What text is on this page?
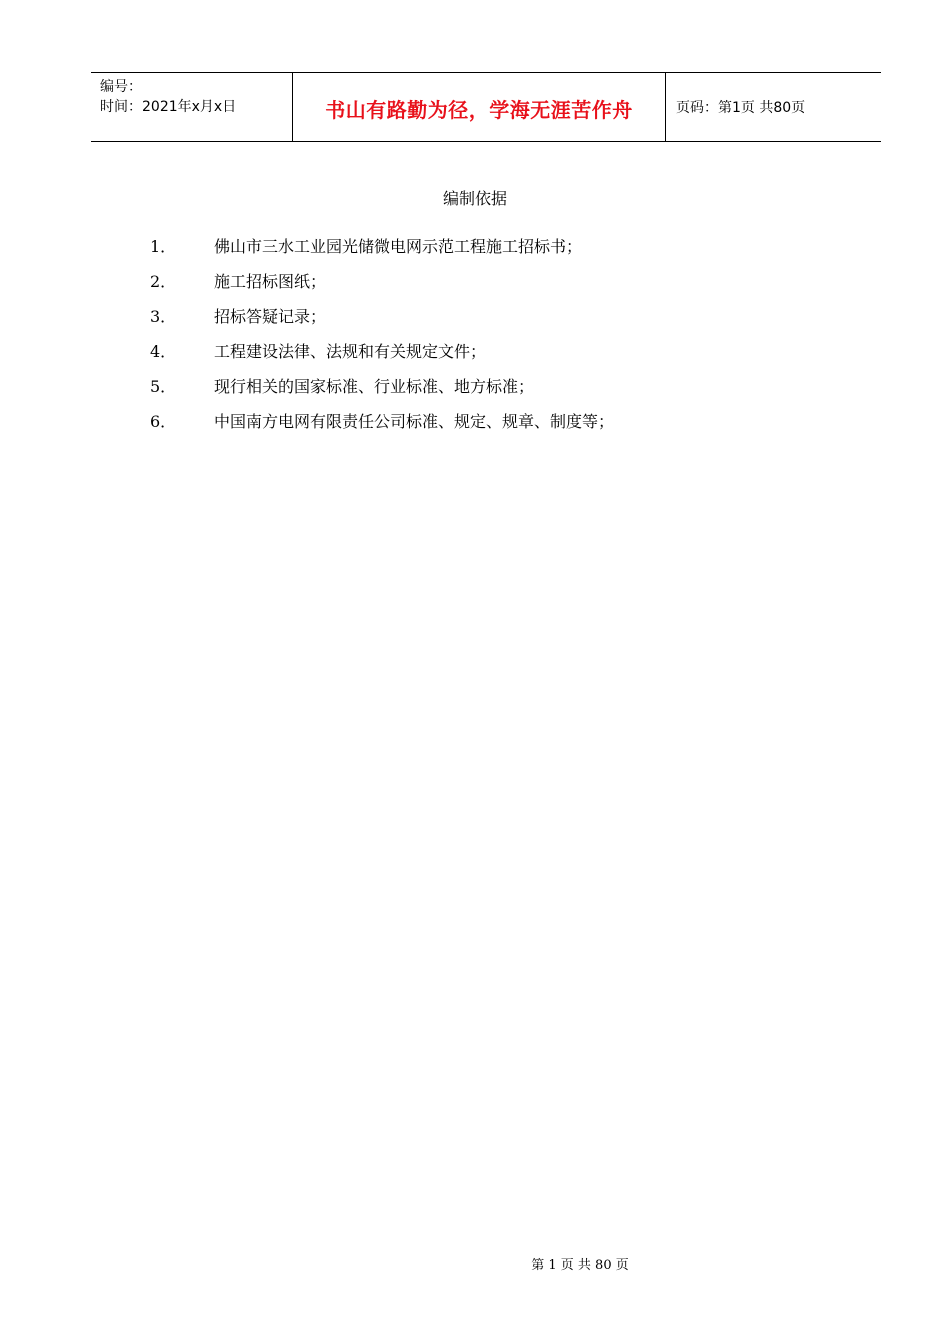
编号：
时间：2021年x月x日	书山有路勤为径，学海无涯苦作舟	页码：第1页 共80页
编制依据
1．	佛山市三水工业园光储微电网示范工程施工招标书；
2．	施工招标图纸；
3．	招标答疑记录；
4．	工程建设法律、法规和有关规定文件；
5．	现行相关的国家标准、行业标准、地方标准；
6．	中国南方电网有限责任公司标准、规定、规章、制度等；
第 1 页 共 80 页
